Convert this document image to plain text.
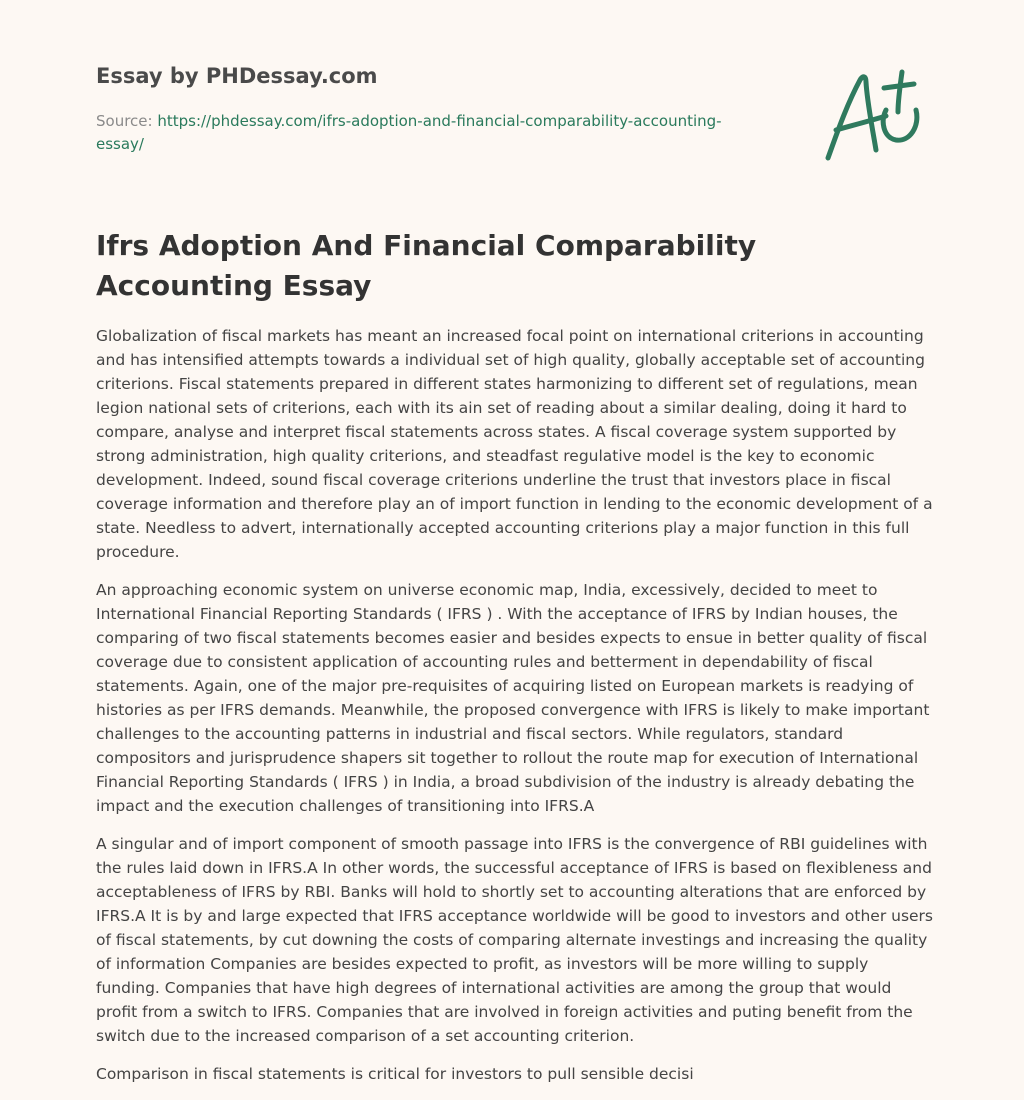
Essay by PHDessay.com
Source: https://phdessay.com/ifrs-adoption-and-financial-comparability-accounting-essay/
Ifrs Adoption And Financial Comparability Accounting Essay

Globalization of fiscal markets has meant an increased focal point on international criterions in accounting and has intensified attempts towards a individual set of high quality, globally acceptable set of accounting criterions. Fiscal statements prepared in different states harmonizing to different set of regulations, mean legion national sets of criterions, each with its ain set of reading about a similar dealing, doing it hard to compare, analyse and interpret fiscal statements across states. A fiscal coverage system supported by strong administration, high quality criterions, and steadfast regulative model is the key to economic development. Indeed, sound fiscal coverage criterions underline the trust that investors place in fiscal coverage information and therefore play an of import function in lending to the economic development of a state. Needless to advert, internationally accepted accounting criterions play a major function in this full procedure.

An approaching economic system on universe economic map, India, excessively, decided to meet to International Financial Reporting Standards ( IFRS ) . With the acceptance of IFRS by Indian houses, the comparing of two fiscal statements becomes easier and besides expects to ensue in better quality of fiscal coverage due to consistent application of accounting rules and betterment in dependability of fiscal statements. Again, one of the major pre-requisites of acquiring listed on European markets is readying of histories as per IFRS demands. Meanwhile, the proposed convergence with IFRS is likely to make important challenges to the accounting patterns in industrial and fiscal sectors. While regulators, standard compositors and jurisprudence shapers sit together to rollout the route map for execution of International Financial Reporting Standards ( IFRS ) in India, a broad subdivision of the industry is already debating the impact and the execution challenges of transitioning into IFRS.A

A singular and of import component of smooth passage into IFRS is the convergence of RBI guidelines with the rules laid down in IFRS.A In other words, the successful acceptance of IFRS is based on flexibleness and acceptableness of IFRS by RBI. Banks will hold to shortly set to accounting alterations that are enforced by IFRS.A It is by and large expected that IFRS acceptance worldwide will be good to investors and other users of fiscal statements, by cut downing the costs of comparing alternate investings and increasing the quality of information Companies are besides expected to profit, as investors will be more willing to supply funding. Companies that have high degrees of international activities are among the group that would profit from a switch to IFRS. Companies that are involved in foreign activities and puting benefit from the switch due to the increased comparison of a set accounting criterion.

Comparison in fiscal statements is critical for investors to pull sensible decisi
